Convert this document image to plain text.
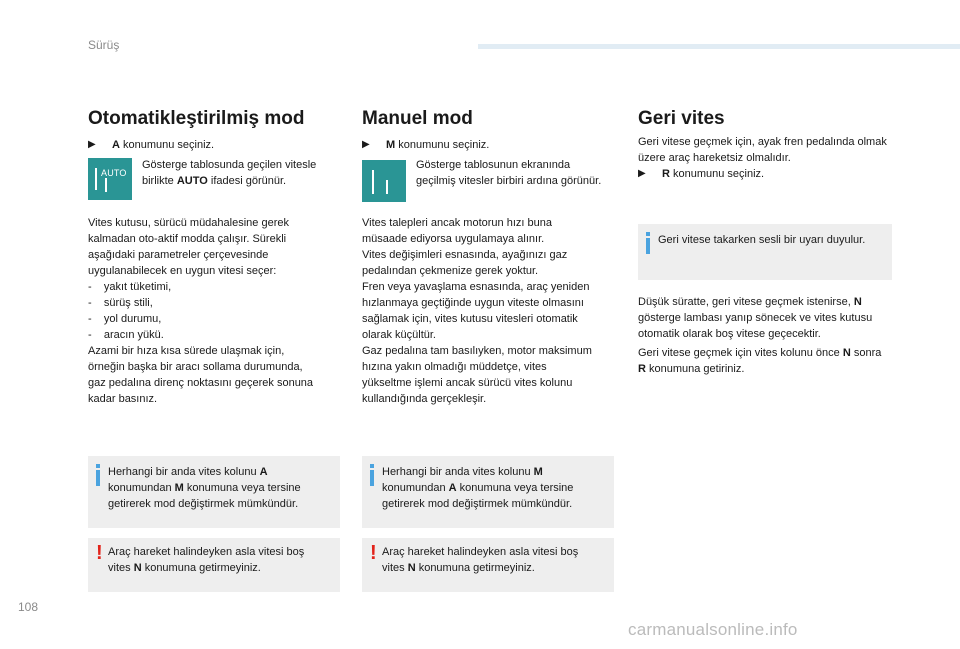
Sürüş
Otomatikleştirilmiş mod
▶	A konumunu seçiniz.
AUTO
Gösterge tablosunda geçilen vitesle birlikte AUTO ifadesi görünür.

Vites kutusu, sürücü müdahalesine gerek

kalmadan oto-aktif modda çalışır. Sürekli

aşağıdaki parametreler çerçevesinde

uygulanabilecek en uygun vitesi seçer:

-    yakıt tüketimi,

-    sürüş stili,

-    yol durumu,

-    aracın yükü.

Azami bir hıza kısa sürede ulaşmak için,

örneğin başka bir aracı sollama durumunda,

gaz pedalına direnç noktasını geçerek sonuna

kadar basınız.

Herhangi bir anda vites kolunu A konumundan M konumuna veya tersine getirerek mod değiştirmek mümkündür.
! Araç hareket halindeyken asla vitesi boş vites N konumuna getirmeyiniz.
Manuel mod
▶	M konumunu seçiniz.
Gösterge tablosunun ekranında geçilmiş vitesler birbiri ardına görünür.

Vites talepleri ancak motorun hızı buna

müsaade ediyorsa uygulamaya alınır.

Vites değişimleri esnasında, ayağınızı gaz

pedalından çekmenize gerek yoktur.

Fren veya yavaşlama esnasında, araç yeniden

hızlanmaya geçtiğinde uygun viteste olmasını

sağlamak için, vites kutusu vitesleri otomatik

olarak küçültür.

Gaz pedalına tam basılıyken, motor maksimum

hızına yakın olmadığı müddetçe, vites

yükseltme işlemi ancak sürücü vites kolunu

kullandığında gerçekleşir.

Herhangi bir anda vites kolunu M konumundan A konumuna veya tersine getirerek mod değiştirmek mümkündür.
! Araç hareket halindeyken asla vitesi boş vites N konumuna getirmeyiniz.
Geri vites
Geri vitese geçmek için, ayak fren pedalında olmak üzere araç hareketsiz olmalıdır.
▶	R konumunu seçiniz.
Geri vitese takarken sesli bir uyarı duyulur.
Düşük süratte, geri vitese geçmek istenirse, N gösterge lambası yanıp sönecek ve vites kutusu otomatik olarak boş vitese geçecektir.
Geri vitese geçmek için vites kolunu önce N sonra R konumuna getiriniz.
108
carmanualsonline.info
